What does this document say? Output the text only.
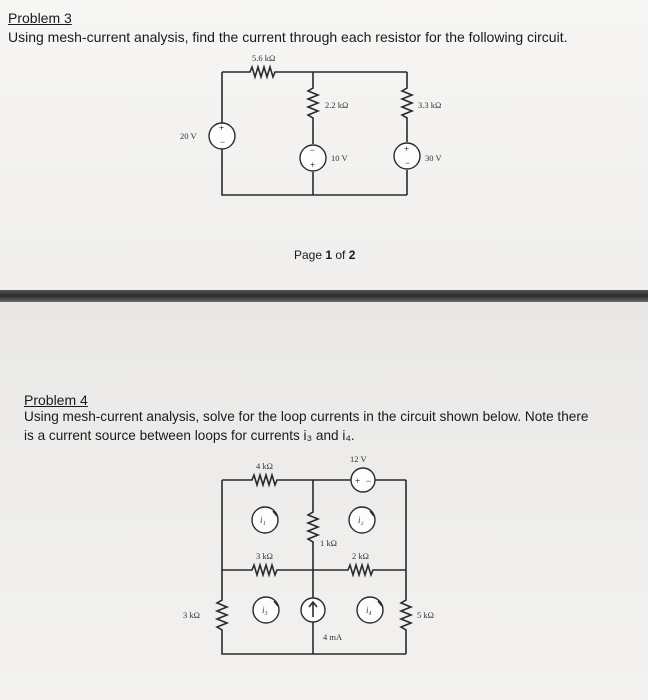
Problem 3
Using mesh-current analysis, find the current through each resistor for the following circuit.
+
−
−
+
+
−
5.6 kΩ
2.2 kΩ	3.3 kΩ
20 V
10 V	30 V
Page 1 of 2
Problem 4
Using mesh-current analysis, solve for the loop currents in the circuit shown below. Note there
is a current source between loops for currents i₃ and i₄.
+ −
i₁	i₂
i₃	i₄
12 V
4 kΩ
1 kΩ
3 kΩ	2 kΩ
3 kΩ	5 kΩ
4 mA
